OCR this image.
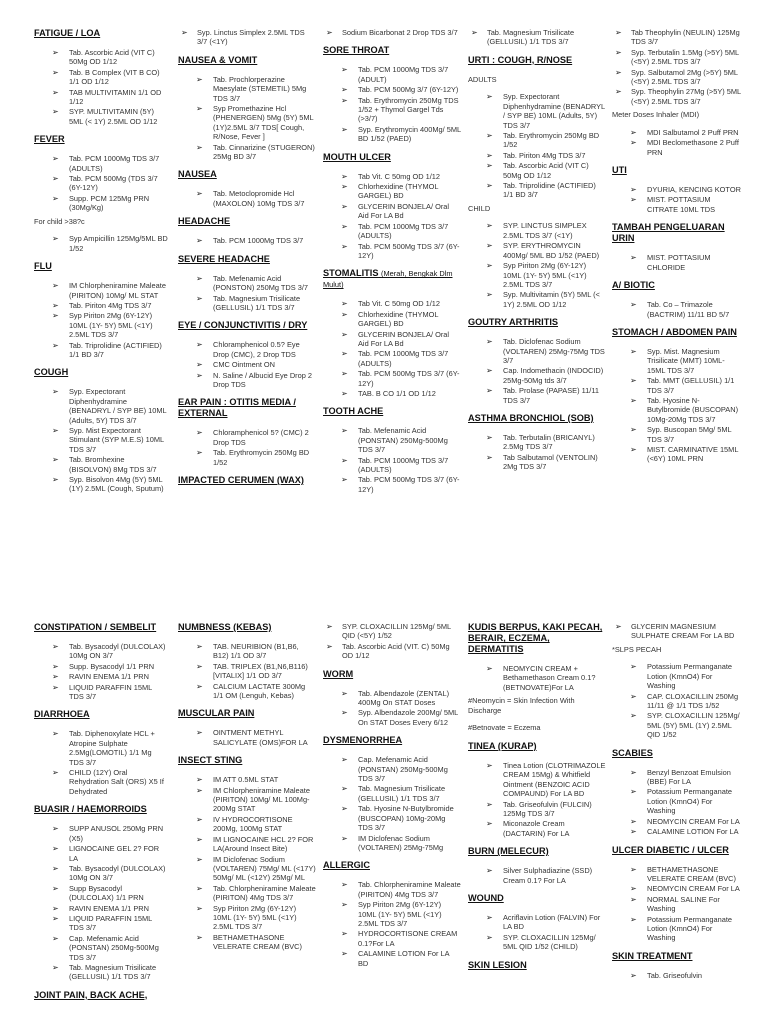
FATIGUE / LOA
➢ Tab. Ascorbic Acid (VIT C) 50Mg OD 1/12
➢ Tab. B Complex (VIT B CO) 1/1 OD 1/12
➢ TAB MULTIVITAMIN 1/1 OD 1/12
➢ SYP. MULTIVITAMIN (5Y) 5ML (< 1Y) 2.5ML OD 1/12
FEVER
➢ Tab. PCM 1000Mg TDS 3/7 (ADULTS)
➢ Tab. PCM 500Mg (TDS 3/7 (6Y-12Y)
➢ Supp. PCM 125Mg PRN (30Mg/Kg)
For child >38?c
➢ Syp Ampicillin 125Mg/5ML BD 1/52
FLU
➢ IM Chlorpheniramine Maleate (PIRITON) 10Mg/ ML STAT
➢ Tab. Piriton 4Mg TDS 3/7
➢ Syp Piriton 2Mg (6Y-12Y) 10ML (1Y- 5Y) 5ML (<1Y) 2.5ML TDS 3/7
➢ Tab. Triprolidine (ACTIFIED) 1/1 BD 3/7
COUGH
➢ Syp. Expectorant Diphenhydramine (BENADRYL / SYP BE) 10ML (Adults, 5Y) TDS 3/7
➢ Syp. Mist Expectorant Stimulant (SYP M.E.S) 10ML TDS 3/7
➢ Tab. Bromhexine (BISOLVON) 8Mg TDS 3/7
➢ Syp. Bisolvon 4Mg (5Y) 5ML (1Y) 2.5ML (Cough, Sputum)
➢ Syp. Linctus Simplex 2.5ML TDS 3/7 (<1Y)
NAUSEA & VOMIT
➢ Tab. Prochlorperazine Maesylate (STEMETIL) 5Mg TDS 3/7
➢ Syp Promethazine Hcl (PHENERGEN) 5Mg (5Y) 5ML (1Y)2.5ML 3/7 TDS[ Cough, R/Nose, Fever ]
➢ Tab. Cinnarizine (STUGERON) 25Mg BD 3/7
NAUSEA
➢ Tab. Metoclopromide Hcl (MAXOLON) 10Mg TDS 3/7
HEADACHE
➢ Tab. PCM 1000Mg TDS 3/7
SEVERE HEADACHE
➢ Tab. Mefenamic Acid (PONSTON) 250Mg TDS 3/7
➢ Tab. Magnesium Trisilicate (GELLUSIL) 1/1 TDS 3/7
EYE / CONJUNCTIVITIS / DRY
➢ Chloramphenicol 0.5? Eye Drop (CMC), 2 Drop TDS
➢ CMC Ointment ON
➢ N. Saline / Albucid Eye Drop 2 Drop TDS
EAR PAIN : OTITIS MEDIA / EXTERNAL
➢ Chloramphenicol 5? (CMC) 2 Drop TDS
➢ Tab. Erythromycin 250Mg BD 1/52
IMPACTED CERUMEN (WAX)
➢ Sodium Bicarbonat 2 Drop TDS 3/7
SORE THROAT
➢ Tab. PCM 1000Mg TDS 3/7 (ADULT)
➢ Tab. PCM 500Mg 3/7 (6Y-12Y)
➢ Tab. Erythromycin 250Mg TDS 1/52 + Thymol Gargel Tds (>3/7)
➢ Syp. Erythromycin 400Mg/ 5ML BD 1/52 (PAED)
MOUTH ULCER
➢ Tab Vit. C 50mg OD 1/12
➢ Chlorhexidine (THYMOL GARGEL) BD
➢ GLYCERIN BONJELA/ Oral Aid For LA Bd
➢ Tab. PCM 1000Mg TDS 3/7 (ADULTS)
➢ Tab. PCM 500Mg TDS 3/7 (6Y-12Y)
STOMALITIS (Merah, Bengkak Dlm Mulut)
➢ Tab Vit. C 50mg OD 1/12
➢ Chlorhexidine (THYMOL GARGEL) BD
➢ GLYCERIN BONJELA/ Oral Aid For LA Bd
➢ Tab. PCM 1000Mg TDS 3/7 (ADULTS)
➢ Tab. PCM 500Mg TDS 3/7 (6Y-12Y)
➢ TAB. B CO 1/1 OD 1/12
TOOTH ACHE
➢ Tab. Mefenamic Acid (PONSTAN) 250Mg-500Mg TDS 3/7
➢ Tab. PCM 1000Mg TDS 3/7 (ADULTS)
➢ Tab. PCM 500Mg TDS 3/7 (6Y-12Y)
➢ Tab. Magnesium Trisilicate (GELLUSIL) 1/1 TDS 3/7
URTI : COUGH, R/NOSE
ADULTS
➢ Syp. Expectorant Diphenhydramine (BENADRYL / SYP BE) 10ML (Adults, 5Y) TDS 3/7
➢ Tab. Erythromycin 250Mg BD 1/52
➢ Tab. Piriton 4Mg TDS 3/7
➢ Tab. Ascorbic Acid (VIT C) 50Mg OD 1/12
➢ Tab. Triprolidine (ACTIFIED) 1/1 BD 3/7
CHILD
➢ SYP. LINCTUS SIMPLEX 2.5ML TDS 3/7 (<1Y)
➢ SYP. ERYTHROMYCIN 400Mg/ 5ML BD 1/52 (PAED)
➢ Syp Piriton 2Mg (6Y-12Y) 10ML (1Y- 5Y) 5ML (<1Y) 2.5ML TDS 3/7
➢ Syp. Multivitamin (5Y) 5ML (< 1Y) 2.5ML OD 1/12
GOUTRY ARTHRITIS
➢ Tab. Diclofenac Sodium (VOLTAREN) 25Mg-75Mg TDS 3/7
➢ Cap. Indomethacin (INDOCID) 25Mg-50Mg tds 3/7
➢ Tab. Prolase (PAPASE) 11/11 TDS 3/7
ASTHMA BRONCHIOL (SOB)
➢ Tab. Terbutalin (BRICANYL) 2.5Mg TDS 3/7
➢ Tab Salbutamol (VENTOLIN) 2Mg TDS 3/7
➢ Tab Theophylin (NEULIN) 125Mg TDS 3/7
➢ Syp. Terbutalin 1.5Mg (>5Y) 5ML (<5Y) 2.5ML TDS 3/7
➢ Syp. Salbutamol 2Mg (>5Y) 5ML (<5Y) 2.5ML TDS 3/7
➢ Syp. Theophylin 27Mg (>5Y) 5ML (<5Y) 2.5ML TDS 3/7
Meter Doses Inhaler (MDI)
➢ MDI Salbutamol 2 Puff PRN
➢ MDI Beclomethasone 2 Puff PRN
UTI
➢ DYURIA, KENCING KOTOR
➢ MIST. POTTASIUM CITRATE 10ML TDS
TAMBAH PENGELUARAN URIN
➢ MIST. POTTASIUM CHLORIDE
A/ BIOTIC
➢ Tab. Co – Trimazole (BACTRIM) 11/11 BD 5/7
STOMACH / ABDOMEN PAIN
➢ Syp. Mist. Magnesium Trisilicate (MMT) 10ML-15ML TDS 3/7
➢ Tab. MMT (GELLUSIL) 1/1 TDS 3/7
➢ Tab. Hyosine N-Butylbromide (BUSCOPAN) 10Mg-20Mg TDS 3/7
➢ Syp. Buscopan 5Mg/ 5ML TDS 3/7
➢ MIST. CARMINATIVE 15ML (<6Y) 10ML PRN
CONSTIPATION / SEMBELIT
➢ Tab. Bysacodyl (DULCOLAX) 10Mg ON 3/7
➢ Supp. Bysacodyl 1/1 PRN
➢ RAVIN ENEMA 1/1 PRN
➢ LIQUID PARAFFIN 15ML TDS 3/7
DIARRHOEA
➢ Tab. Diphenoxylate HCL + Atropine Sulphate 2.5Mg(LOMOTIL) 1/1 Mg TDS 3/7
➢ CHILD (12Y) Oral Rehydration Salt (ORS) X5 If Dehydrated
BUASIR / HAEMORROIDS
➢ SUPP ANUSOL 250Mg PRN (X5)
➢ LIGNOCAINE GEL 2? FOR LA
➢ Tab. Bysacodyl (DULCOLAX) 10Mg ON 3/7
➢ Supp Bysacodyl (DULCOLAX) 1/1 PRN
➢ RAVIN ENEMA 1/1 PRN
➢ LIQUID PARAFFIN 15ML TDS 3/7
➢ Cap. Mefenamic Acid (PONSTAN) 250Mg-500Mg TDS 3/7
➢ Tab. Magnesium Trisilicate (GELLUSIL) 1/1 TDS 3/7
JOINT PAIN, BACK ACHE,
NUMBNESS (KEBAS)
➢ TAB. NEURIBION (B1,B6, B12) 1/1 OD 3/7
➢ TAB. TRIPLEX (B1,N6,B116) [VITALIX] 1/1 OD 3/7
➢ CALCIUM LACTATE 300Mg 1/1 OM (Lenguh, Kebas)
MUSCULAR PAIN
➢ OINTMENT METHYL SALICYLATE (OMS)FOR LA
INSECT STING
➢ IM ATT 0.5ML STAT
➢ IM Chlorpheniramine Maleate (PIRITON) 10Mg/ ML 100Mg-200Mg STAT
➢ IV HYDROCORTISONE 200Mg, 100Mg STAT
➢ IM LIGNOCAINE HCL 2? FOR LA(Around Insect Bite)
➢ IM Diclofenac Sodium (VOLTAREN) 75Mg/ ML (<17Y) 50Mg/ ML (<12Y) 25Mg/ ML
➢ Tab. Chlorpheniramine Maleate (PIRITON) 4Mg TDS 3/7
➢ Syp Piriton 2Mg (6Y-12Y) 10ML (1Y- 5Y) 5ML (<1Y) 2.5ML TDS 3/7
➢ BETHAMETHASONE VELERATE CREAM (BVC)
➢ SYP. CLOXACILLIN 125Mg/ 5ML QID (<5Y) 1/52
➢ Tab. Ascorbic Acid (VIT. C) 50Mg OD 1/12
WORM
➢ Tab. Albendazole (ZENTAL) 400Mg On STAT Doses
➢ Syp. Albendazole 200Mg/ 5ML On STAT Doses Every 6/12
DYSMENORRHEA
➢ Cap. Mefenamic Acid (PONSTAN) 250Mg-500Mg TDS 3/7
➢ Tab. Magnesium Trisilicate (GELLUSIL) 1/1 TDS 3/7
➢ Tab. Hyosine N-Butylbromide (BUSCOPAN) 10Mg-20Mg TDS 3/7
➢ IM Diclofenac Sodium (VOLTAREN) 25Mg-75Mg
ALLERGIC
➢ Tab. Chlorpheniramine Maleate (PIRITON) 4Mg TDS 3/7
➢ Syp Piriton 2Mg (6Y-12Y) 10ML (1Y- 5Y) 5ML (<1Y) 2.5ML TDS 3/7
➢ HYDROCORTISONE CREAM 0.1?For LA
➢ CALAMINE LOTION For LA BD
KUDIS BERPUS, KAKI PECAH, BERAIR, ECZEMA, DERMATITIS
➢ NEOMYCIN CREAM + Bethamethason Cream 0.1? (BETNOVATE)For LA
#Neomycin = Skin Infection With Discharge
#Betnovate = Eczema
TINEA (KURAP)
➢ Tinea Lotion (CLOTRIMAZOLE CREAM 15Mg) & Whitfield Ointment (BENZOIC ACID COMPAUND) For LA BD
➢ Tab. Griseofulvin (FULCIN) 125Mg TDS 3/7
➢ Miconazole Cream (DACTARIN) For LA
BURN (MELECUR)
➢ Silver Sulphadiazine (SSD) Cream 0.1? For LA
WOUND
➢ Acriflavin Lotion (FALVIN) For LA BD
➢ SYP. CLOXACILLIN 125Mg/ 5ML QID 1/52 (CHILD)
SKIN LESION
➢ GLYCERIN MAGNESIUM SULPHATE CREAM For LA BD
*SLPS PECAH
➢ Potassium Permanganate Lotion (KmnO4) For Washing
➢ CAP. CLOXACILLIN 250Mg 11/11 @ 1/1 TDS 1/52
➢ SYP. CLOXACILLIN 125Mg/ 5ML (5Y) 5ML (1Y) 2.5ML QID 1/52
SCABIES
➢ Benzyl Benzoat Emulsion (BBE) For LA
➢ Potassium Permanganate Lotion (KmnO4) For Washing
➢ NEOMYCIN CREAM For LA
➢ CALAMINE LOTION For LA
ULCER DIABETIC / ULCER
➢ BETHAMETHASONE VELERATE CREAM (BVC)
➢ NEOMYCIN CREAM For LA
➢ NORMAL SALINE For Washing
➢ Potassium Permanganate Lotion (KmnO4) For Washing
SKIN TREATMENT
➢ Tab. Griseofulvin
